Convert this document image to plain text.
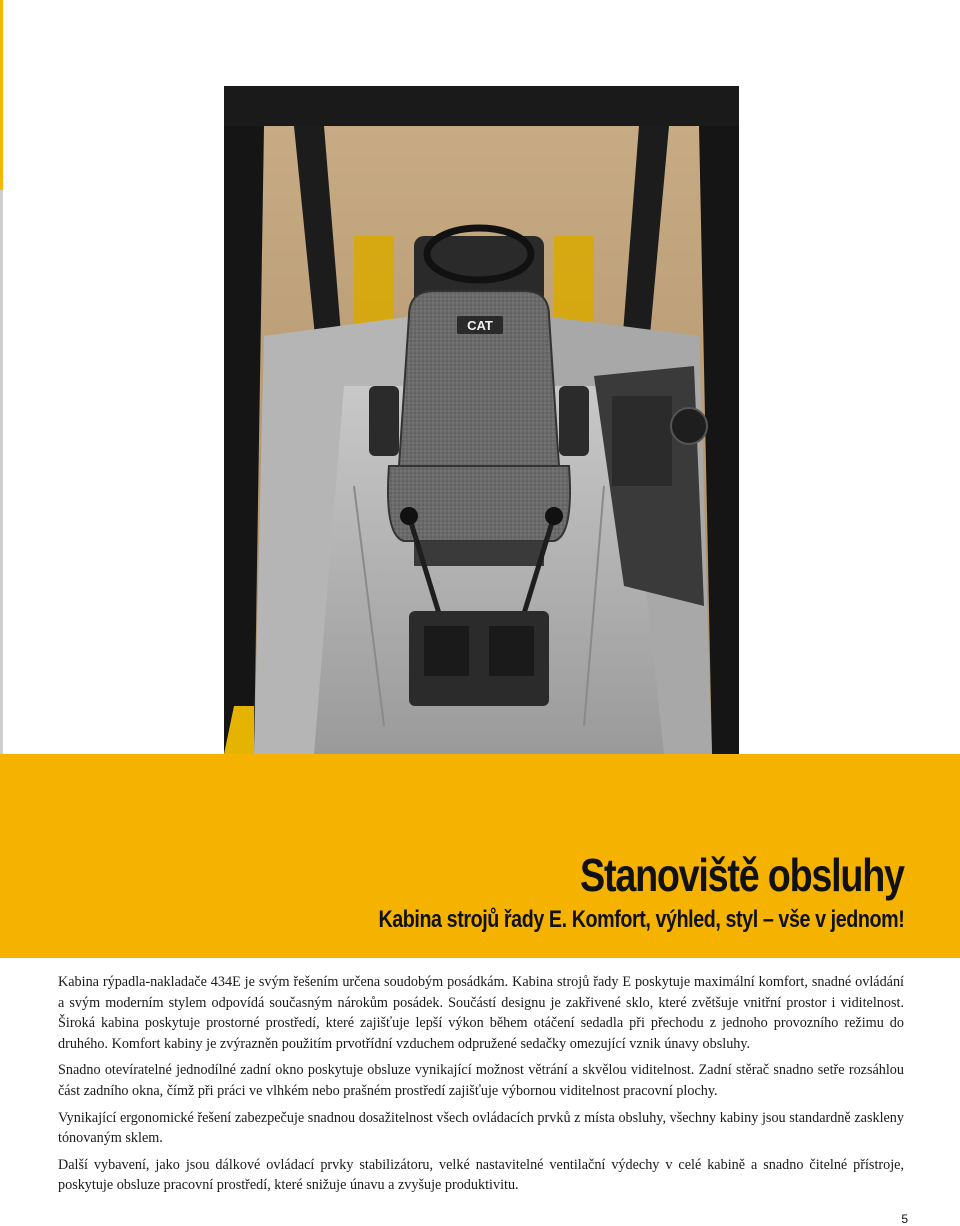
CAT
Stanoviště obsluhy
Kabina strojů řady E. Komfort, výhled, styl – vše v jednom!

Kabina rýpadla-nakladače 434E je svým řešením určena soudobým posádkám. Kabina strojů řady E poskytuje maximální komfort, snadné ovládání a svým moderním stylem odpovídá současným nárokům posádek. Součástí designu je zakřivené sklo, které zvětšuje vnitřní prostor i viditelnost. Široká kabina poskytuje prostorné prostředí, které zajišťuje lepší výkon během otáčení sedadla při přechodu z jednoho provozního režimu do druhého. Komfort kabiny je zvýrazněn použitím prvotřídní vzduchem odpružené sedačky omezující vznik únavy obsluhy.

Snadno otevíratelné jednodílné zadní okno poskytuje obsluze vynikající možnost větrání a skvělou viditelnost. Zadní stěrač snadno setře rozsáhlou část zadního okna, čímž při práci ve vlhkém nebo prašném prostředí zajišťuje výbornou viditelnost pracovní plochy.

Vynikající ergonomické řešení zabezpečuje snadnou dosažitelnost všech ovládacích prvků z místa obsluhy, všechny kabiny jsou standardně zaskleny tónovaným sklem.

Další vybavení, jako jsou dálkové ovládací prvky stabilizátoru, velké nastavitelné ventilační výdechy v celé kabině a snadno čitelné přístroje, poskytuje obsluze pracovní prostředí, které snižuje únavu a zvyšuje produktivitu.

5
